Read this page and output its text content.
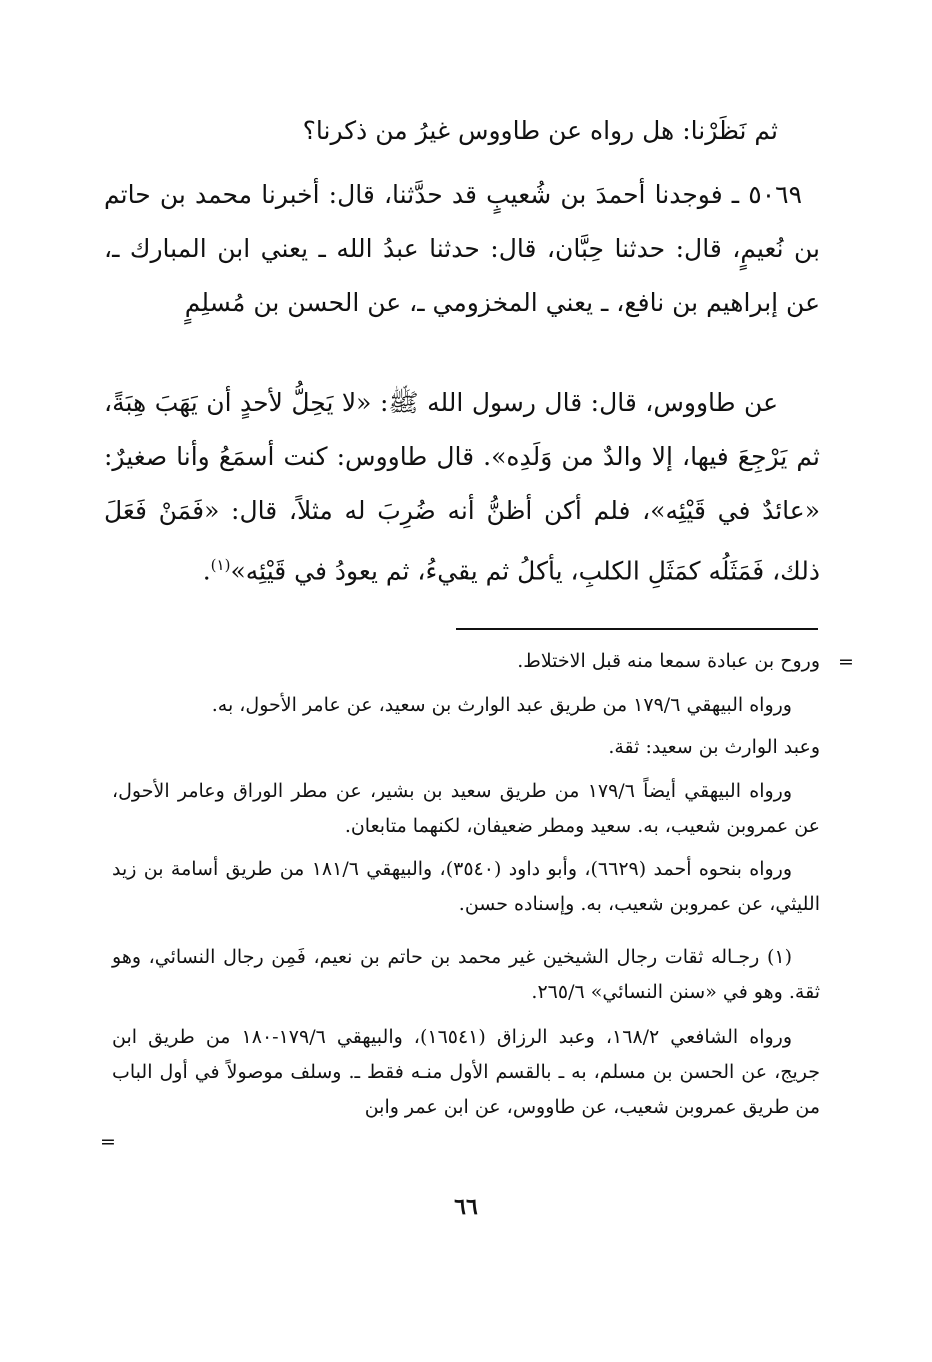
ثم نَظَرْنا: هل رواه عن طاووس غيرُ من ذكرنا؟

٥٠٦٩ ـ فوجدنا أحمدَ بن شُعيبٍ قد حدَّثنا، قال: أخبرنا محمد بن حاتم بن نُعيمٍ، قال: حدثنا حِبَّان، قال: حدثنا عبدُ الله ـ يعني ابن المبارك ـ، عن إبراهيم بن نافع، ـ يعني المخزومي ـ، عن الحسن بن مُسلِمٍ

عن طاووس، قال: قال رسول الله ﷺ: «لا يَحِلُّ لأحدٍ أن يَهَبَ هِبَةً، ثم يَرْجِعَ فيها، إلا والدٌ من وَلَدِه». قال طاووس: كنت أسمَعُ وأنا صغيرٌ: «عائدٌ في قَيْئِه»، فلم أكن أظنُّ أنه ضُرِبَ له مثلاً، قال: «فَمَنْ فَعَلَ ذلك، فَمَثَلُه كمَثَلِ الكلبِ، يأكلُ ثم يقيءُ، ثم يعودُ في قَيْئِه»$^{(١)}$.

=

وروح بن عبادة سمعا منه قبل الاختلاط.

ورواه البيهقي ١٧٩/٦ من طريق عبد الوارث بن سعيد، عن عامر الأحول، به.

وعبد الوارث بن سعيد: ثقة.

ورواه البيهقي أيضاً ١٧٩/٦ من طريق سعيد بن بشير، عن مطر الوراق وعامر الأحول، عن عمروبن شعيب، به. سعيد ومطر ضعيفان، لكنهما متابعان.

ورواه بنحوه أحمد (٦٦٢٩)، وأبو داود (٣٥٤٠)، والبيهقي ١٨١/٦ من طريق أسامة بن زيد الليثي، عن عمروبن شعيب، به. وإسناده حسن.

(١) رجـاله ثقات رجال الشيخين غير محمد بن حاتم بن نعيم، فَمِن رجال النسائي، وهو ثقة. وهو في «سنن النسائي» ٢٦٥/٦.

ورواه الشافعي ١٦٨/٢، وعبد الرزاق (١٦٥٤١)، والبيهقي ١٧٩/٦-١٨٠ من طريق ابن جريج، عن الحسن بن مسلم، به ـ بالقسم الأول منـه فقط ـ. وسلف موصولاً في أول الباب من طريق عمروبن شعيب، عن طاووس، عن ابن عمر وابن

=
٦٦
